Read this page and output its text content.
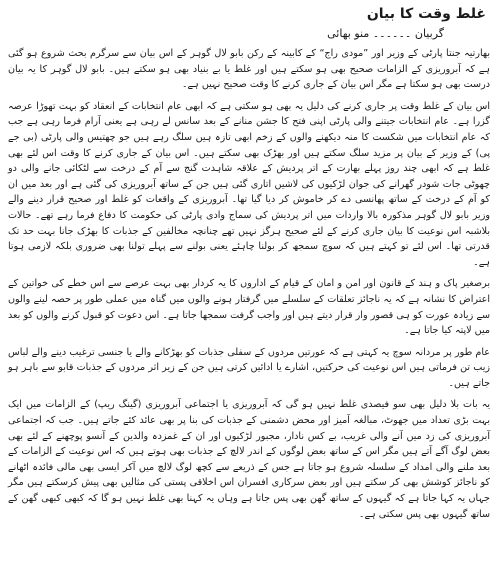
غلط وقت کا بیان
گربیان ۔۔۔۔۔۔ منو بھائی

بھارتیہ جنتا پارٹی کے وزیر اور ”مودی راج“ کے کابینہ کے رکن بابو لال گوہر کے اس بیان سے سرگرم بحث شروع ہو گئی ہے کہ آبروریزی کے الزامات صحیح بھی ہو سکتے ہیں اور غلط یا بے بنیاد بھی ہو سکتے ہیں۔ بابو لال گوہر کا یہ بیان درست بھی ہو سکتا ہے مگر اس بیان کے جاری کرنے کا وقت صحیح نہیں ہے۔

اس بیان کے غلط وقت پر جاری کرنے کی دلیل یہ بھی ہو سکتی ہے کہ ابھی عام انتخابات کے انعقاد کو بہت تھوڑا عرصہ گزرا ہے۔ عام انتخابات جیتنے والی پارٹی اپنی فتح کا جشن منانے کے بعد سانس لے رہی ہے یعنی آرام فرما رہی ہے جب کہ عام انتخابات میں شکست کا منہ دیکھنے والوں کے زخم ابھی تازہ ہیں سلگ رہے ہیں جو چھتیس والی پارٹی (بی جے پی) کے وزیر کے بیان پر مزید سلگ سکتے ہیں اور بھڑک بھی سکتے ہیں۔ اس بیان کے جاری کرنے کا وقت اس لئے بھی غلط ہے کہ ابھی چند روز پہلے بھارت کے اتر پردیش کے علاقہ شاہدت گنج سے آم کے درخت سے لٹکائی جانے والی دو چھوٹی جات شودر گھرانے کی جوان لڑکیوں کی لاشیں اتاری گئی ہیں جن کے ساتھ آبروریزی کی گئی ہے اور بعد میں ان کو آم کے درخت کے ساتھ پھانسی دے کر خاموش کر دیا گیا تھا۔ آبروریزی کے واقعات کو غلط اور صحیح قرار دینے والے وزیر بابو لال گوہر مذکورہ بالا واردات میں اتر پردیش کی سماج وادی پارٹی کی حکومت کا دفاع فرما رہے تھے۔ حالات بلاشبہ اس نوعیت کا بیان جاری کرنے کے لئے صحیح ہرگز نہیں تھے چنانچہ مخالفین کے جذبات کا بھڑک جانا بہت حد تک قدرتی تھا۔ اس لئے تو کہتے ہیں کہ سوچ سمجھ کر بولنا چاہئے یعنی بولنے سے پہلے تولنا بھی ضروری بلکہ لازمی ہوتا ہے۔

برصغیر پاک و ہند کے قانون اور امن و امان کے قیام کے اداروں کا یہ کردار بھی بہت عرصے سے اس خطے کی خواتین کے اعتراض کا نشانہ ہے کہ یہ ناجائز تعلقات کے سلسلے میں گرفتار ہونے والوں میں گناہ میں عملی طور پر حصہ لینے والوں سے زیادہ عورت کو ہی قصور وار قرار دیتے ہیں اور واجب گرفت سمجھا جاتا ہے۔ اس دعوت کو قبول کرنے والوں کو بعد میں لاپتہ کیا جاتا ہے۔

عام طور پر مردانہ سوچ یہ کہتی ہے کہ عورتیں مردوں کے سفلی جذبات کو بھڑکانے والے یا جنسی ترغیب دینے والے لباس زیب تن فرماتی ہیں اس نوعیت کی حرکتیں، اشارے یا ادائیں کرتی ہیں جن کے زیر اثر مردوں کے جذبات قابو سے باہر ہو جاتے ہیں۔

یہ بات بلا دلیل بھی سو فیصدی غلط نہیں ہو گی کہ آبروریزی یا اجتماعی آبروریزی (گینگ ریپ) کے الزامات میں ایک بہت بڑی تعداد میں جھوٹ، مبالغہ آمیز اور محض دشمنی کے جذبات کی بنا پر بھی عائد کئے جاتے ہیں۔ جب کہ اجتماعی آبروریزی کی زد میں آنے والی غریب، بے کس نادار، مجبور لڑکیوں اور ان کے غمزدہ والدین کے آنسو پوچھنے کے لئے بھی بعض لوگ آگے آتے ہیں مگر اس کے ساتھ بعض لوگوں کے اندر لالچ کے جذبات بھی ہوتے ہیں کہ اس نوعیت کے الزامات کے بعد ملنے والی امداد کے سلسلہ شروع ہو جاتا ہے جس کے ذریعے سے کچھ لوگ لالچ میں آکر ایسی بھی مالی فائدہ اٹھانے کو ناجائز کوشش بھی کر سکتے ہیں اور بعض سرکاری افسران اس اخلاقی پستی کی مثالیں بھی پیش کرسکتے ہیں مگر جہاں یہ کہا جاتا ہے کہ گیہوں کے ساتھ گھن بھی پس جاتا ہے وہاں یہ کہنا بھی غلط نہیں ہو گا کہ کبھی کبھی گھن کے ساتھ گیہوں بھی پس سکتی ہے۔
